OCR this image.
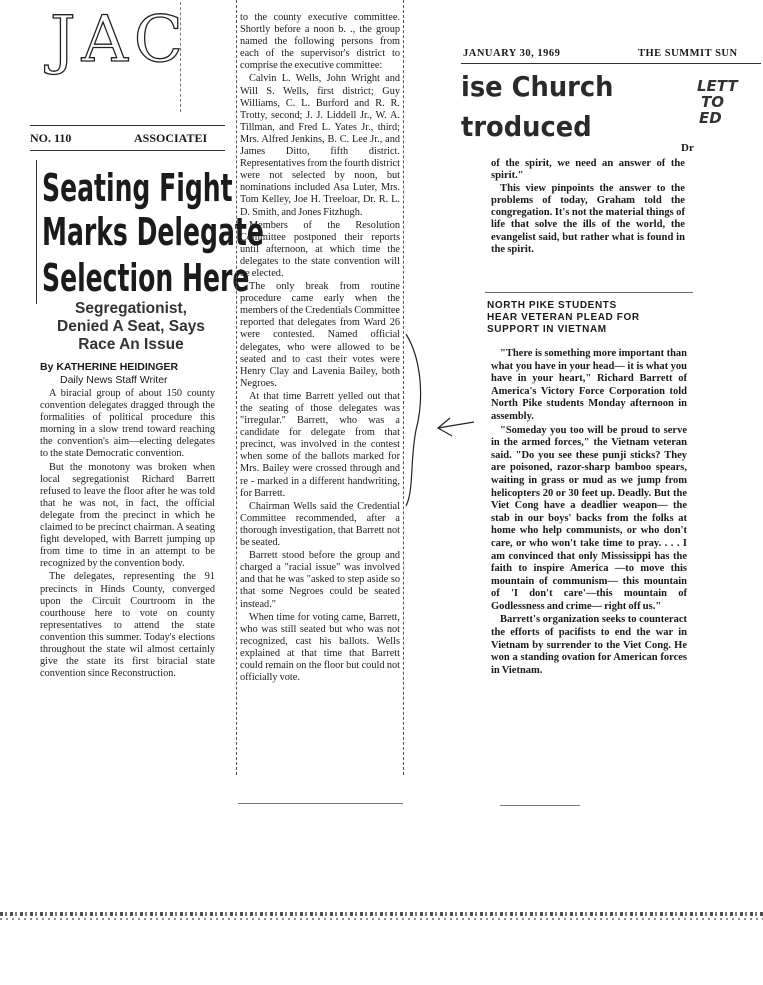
JAC
NO. 110	ASSOCIATEI
Seating Fight
Marks Delegate
Selection Here
Segregationist,
Denied A Seat, Says
Race An Issue
By KATHERINE HEIDINGER
Daily News Staff Writer

A biracial group of about 150 county convention delegates dragged through the formalities of political procedure this morning in a slow trend toward reaching the convention's aim—electing delegates to the state Democratic convention.

But the monotony was broken when local segregationist Richard Barrett refused to leave the floor after he was told that he was not, in fact, the official delegate from the precinct in which he claimed to be precinct chairman. A seating fight developed, with Barrett jumping up from time to time in an attempt to be recognized by the convention body.

The delegates, representing the 91 precincts in Hinds County, converged upon the Circuit Courtroom in the courthouse here to vote on county representatives to attend the state convention this summer. Today's elections throughout the state wil almost certainly give the state its first biracial state convention since Reconstruction.

to the county executive committee. Shortly before a noon b. ., the group named the following persons from each of the supervisor's district to comprise the executive committee:

Calvin L. Wells, John Wright and Will S. Wells, first district; Guy Williams, C. L. Burford and R. R. Trotty, second; J. J. Liddell Jr., W. A. Tillman, and Fred L. Yates Jr., third; Mrs. Alfred Jenkins, B. C. Lee Jr., and James Ditto, fifth district. Representatives from the fourth district were not selected by noon, but nominations included Asa Luter, Mrs. Tom Kelley, Joe H. Treeloar, Dr. R. L. D. Smith, and Jones Fitzhugh.

Members of the Resolution Committee postponed their reports until afternoon, at which time the delegates to the state convention will be elected.

The only break from routine procedure came early when the members of the Credentials Committee reported that delegates from Ward 26 were contested. Named official delegates, who were allowed to be seated and to cast their votes were Henry Clay and Lavenia Bailey, both Negroes.

At that time Barrett yelled out that the seating of those delegates was "irregular." Barrett, who was a candidate for delegate from that precinct, was involved in the contest when some of the ballots marked for Mrs. Bailey were crossed through and re - marked in a different handwriting, for Barrett.

Chairman Wells said the Credential Committee recommended, after a thorough investigation, that Barrett not be seated.

Barrett stood before the group and charged a "racial issue" was involved and that he was "asked to step aside so that some Negroes could be seated instead."

When time for voting came, Barrett, who was still seated but who was not recognized, cast his ballots. Wells explained at that time that Barrett could remain on the floor but could not officially vote.

JANUARY 30, 1969	THE SUMMIT SUN
ise Church
troduced
LETT
TO
ED
Dr

of the spirit, we need an answer of the spirit."

This view pinpoints the answer to the problems of today, Graham told the congregation. It's not the material things of life that solve the ills of the world, the evangelist said, but rather what is found in the spirit.

NORTH PIKE STUDENTS
HEAR VETERAN PLEAD FOR
SUPPORT IN VIETNAM

"There is something more important than what you have in your head— it is what you have in your heart," Richard Barrett of America's Victory Force Corporation told North Pike students Monday afternoon in assembly.

"Someday you too will be proud to serve in the armed forces," the Vietnam veteran said. "Do you see these punji sticks? They are poisoned, razor-sharp bamboo spears, waiting in grass or mud as we jump from helicopters 20 or 30 feet up. Deadly. But the Viet Cong have a deadlier weapon— the stab in our boys' backs from the folks at home who help communists, or who don't care, or who won't take time to pray. . . . I am convinced that only Mississippi has the faith to inspire America —to move this mountain of communism— this mountain of 'I don't care'—this mountain of Godlessness and crime— right off us."

Barrett's organization seeks to counteract the efforts of pacifists to end the war in Vietnam by surrender to the Viet Cong. He won a standing ovation for American forces in Vietnam.
